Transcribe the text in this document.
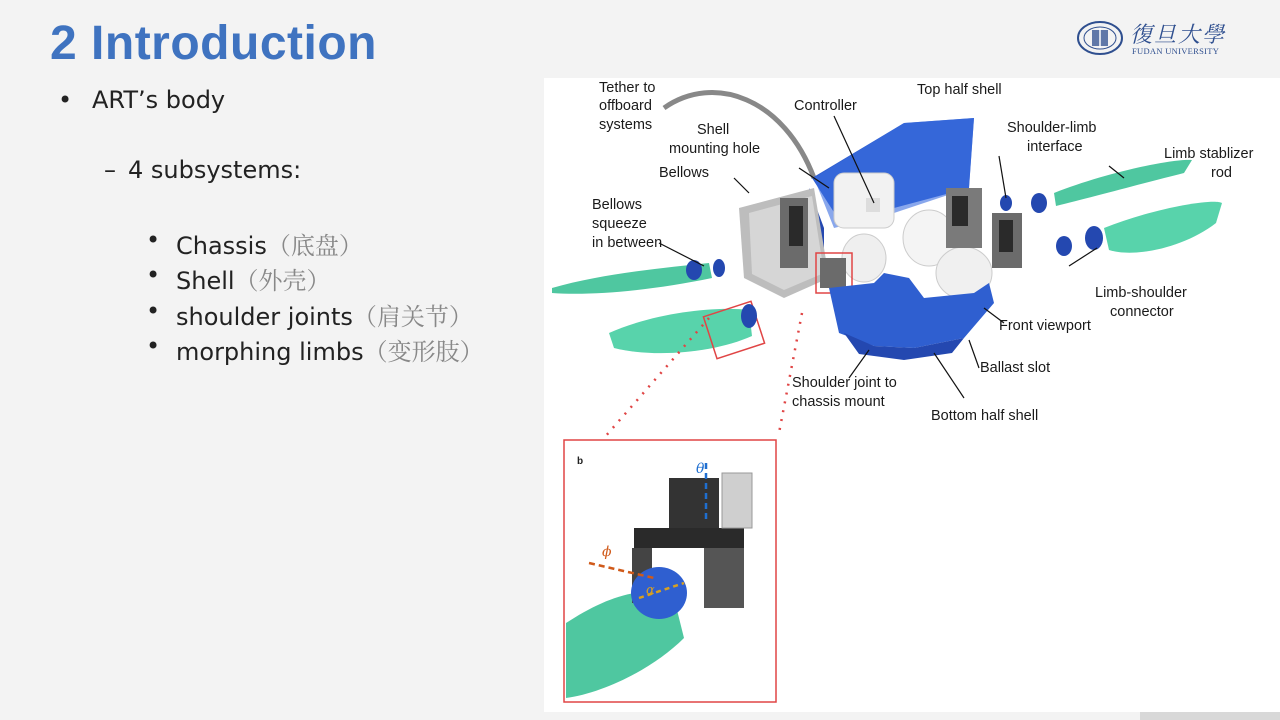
2 Introduction	復旦大學
FUDAN UNIVERSITY
• ART’s body
– 4 subsystems:
• Chassis（底盘）
• Shell（外壳）
• shoulder joints（肩关节）
• morphing limbs（变形肢）
Tether to
offboard
systems
Controller
Top half shell
Shell
mounting hole
Shoulder-limb
interface	Limb stablizer
rod
Bellows
Bellows
squeeze
in between
Limb-shoulder
connector
Front viewport
Ballast slot
Shoulder joint to
chassis mount
Bottom half shell
b	θ
ϕ
α
